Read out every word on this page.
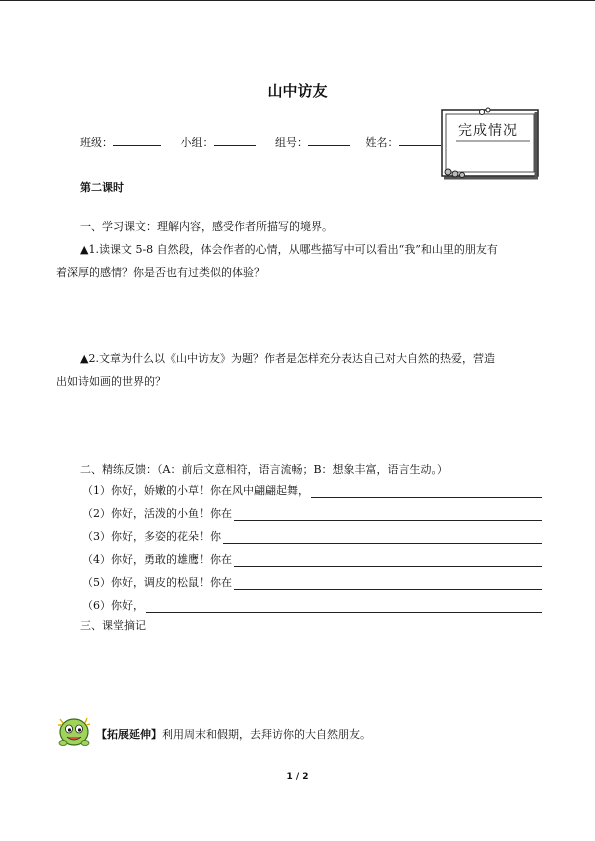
山中访友
班级：	小组：	组号：	姓名：
完成情况
第二课时
一、学习课文：理解内容，感受作者所描写的境界。
▲1.读课文 5-8 自然段，体会作者的心情，从哪些描写中可以看出“我”和山里的朋友有
着深厚的感情？你是否也有过类似的体验？
▲2.文章为什么以《山中访友》为题？作者是怎样充分表达自己对大自然的热爱，营造
出如诗如画的世界的？
二、精练反馈：（A：前后文意相符，语言流畅；B：想象丰富，语言生动。）
（1）你好，娇嫩的小草！你在风中翩翩起舞，
（2）你好，活泼的小鱼！你在
（3）你好，多姿的花朵！你
（4）你好，勇敢的雄鹰！你在
（5）你好，调皮的松鼠！你在
（6）你好，
三、课堂摘记
【拓展延伸】利用周末和假期，去拜访你的大自然朋友。
1 / 2
